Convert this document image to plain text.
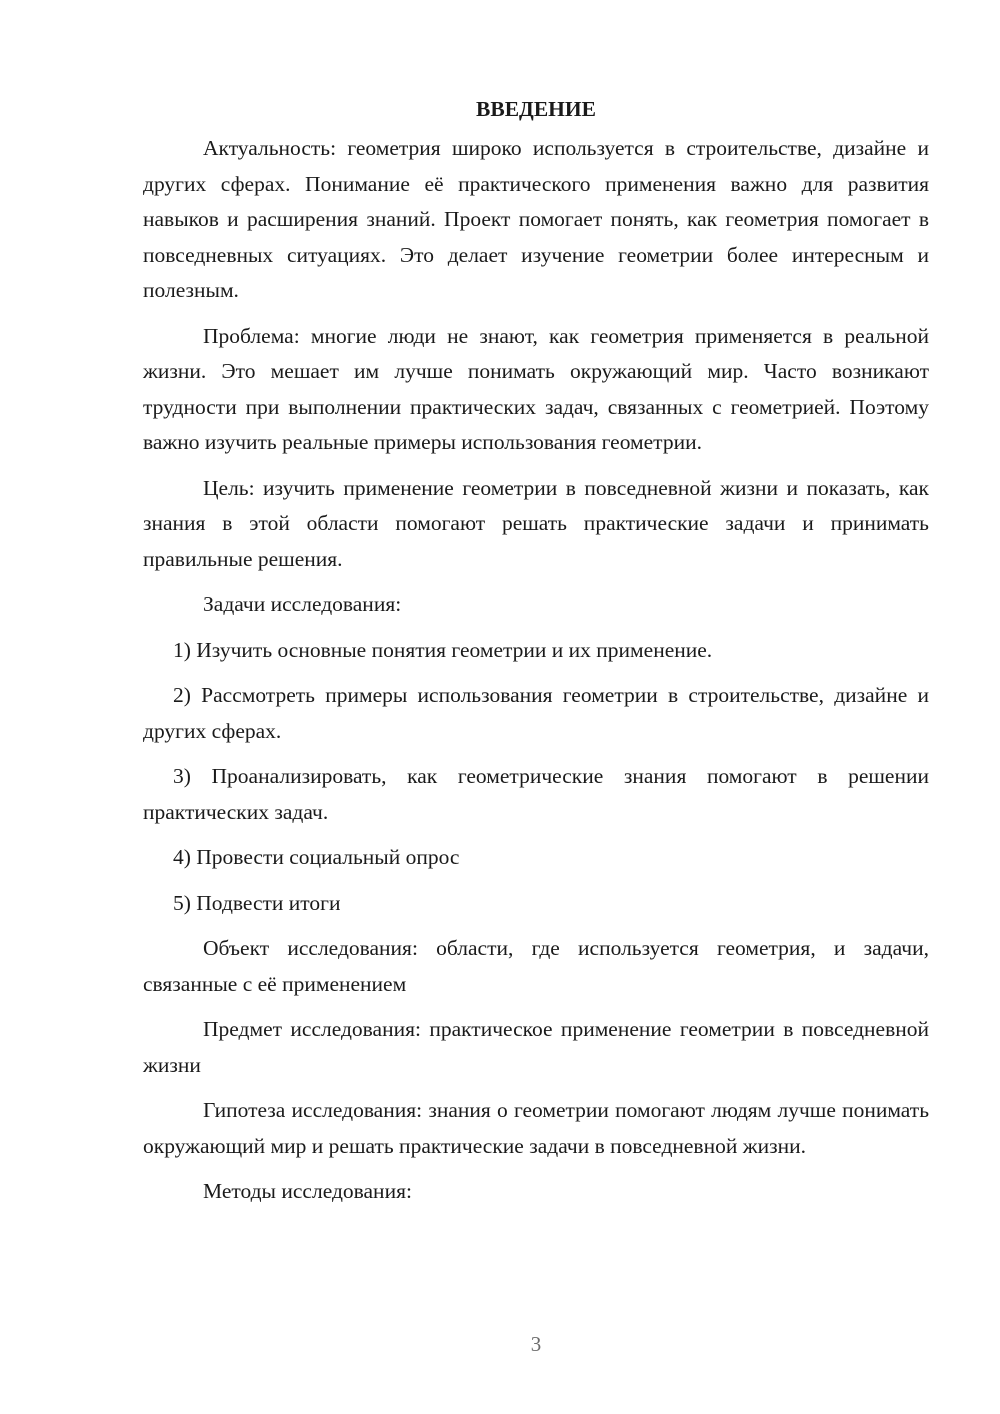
ВВЕДЕНИЕ
Актуальность: геометрия широко используется в строительстве, дизайне и других сферах. Понимание её практического применения важно для развития навыков и расширения знаний. Проект помогает понять, как геометрия помогает в повседневных ситуациях. Это делает изучение геометрии более интересным и полезным.
Проблема: многие люди не знают, как геометрия применяется в реальной жизни. Это мешает им лучше понимать окружающий мир. Часто возникают трудности при выполнении практических задач, связанных с геометрией. Поэтому важно изучить реальные примеры использования геометрии.
Цель: изучить применение геометрии в повседневной жизни и показать, как знания в этой области помогают решать практические задачи и принимать правильные решения.
Задачи исследования:
1) Изучить основные понятия геометрии и их применение.
2) Рассмотреть примеры использования геометрии в строительстве, дизайне и других сферах.
3) Проанализировать, как геометрические знания помогают в решении практических задач.
4) Провести социальный опрос
5) Подвести итоги
Объект исследования: области, где используется геометрия, и задачи, связанные с её применением
Предмет исследования: практическое применение геометрии в повседневной жизни
Гипотеза исследования: знания о геометрии помогают людям лучше понимать окружающий мир и решать практические задачи в повседневной жизни.
Методы исследования:
3
